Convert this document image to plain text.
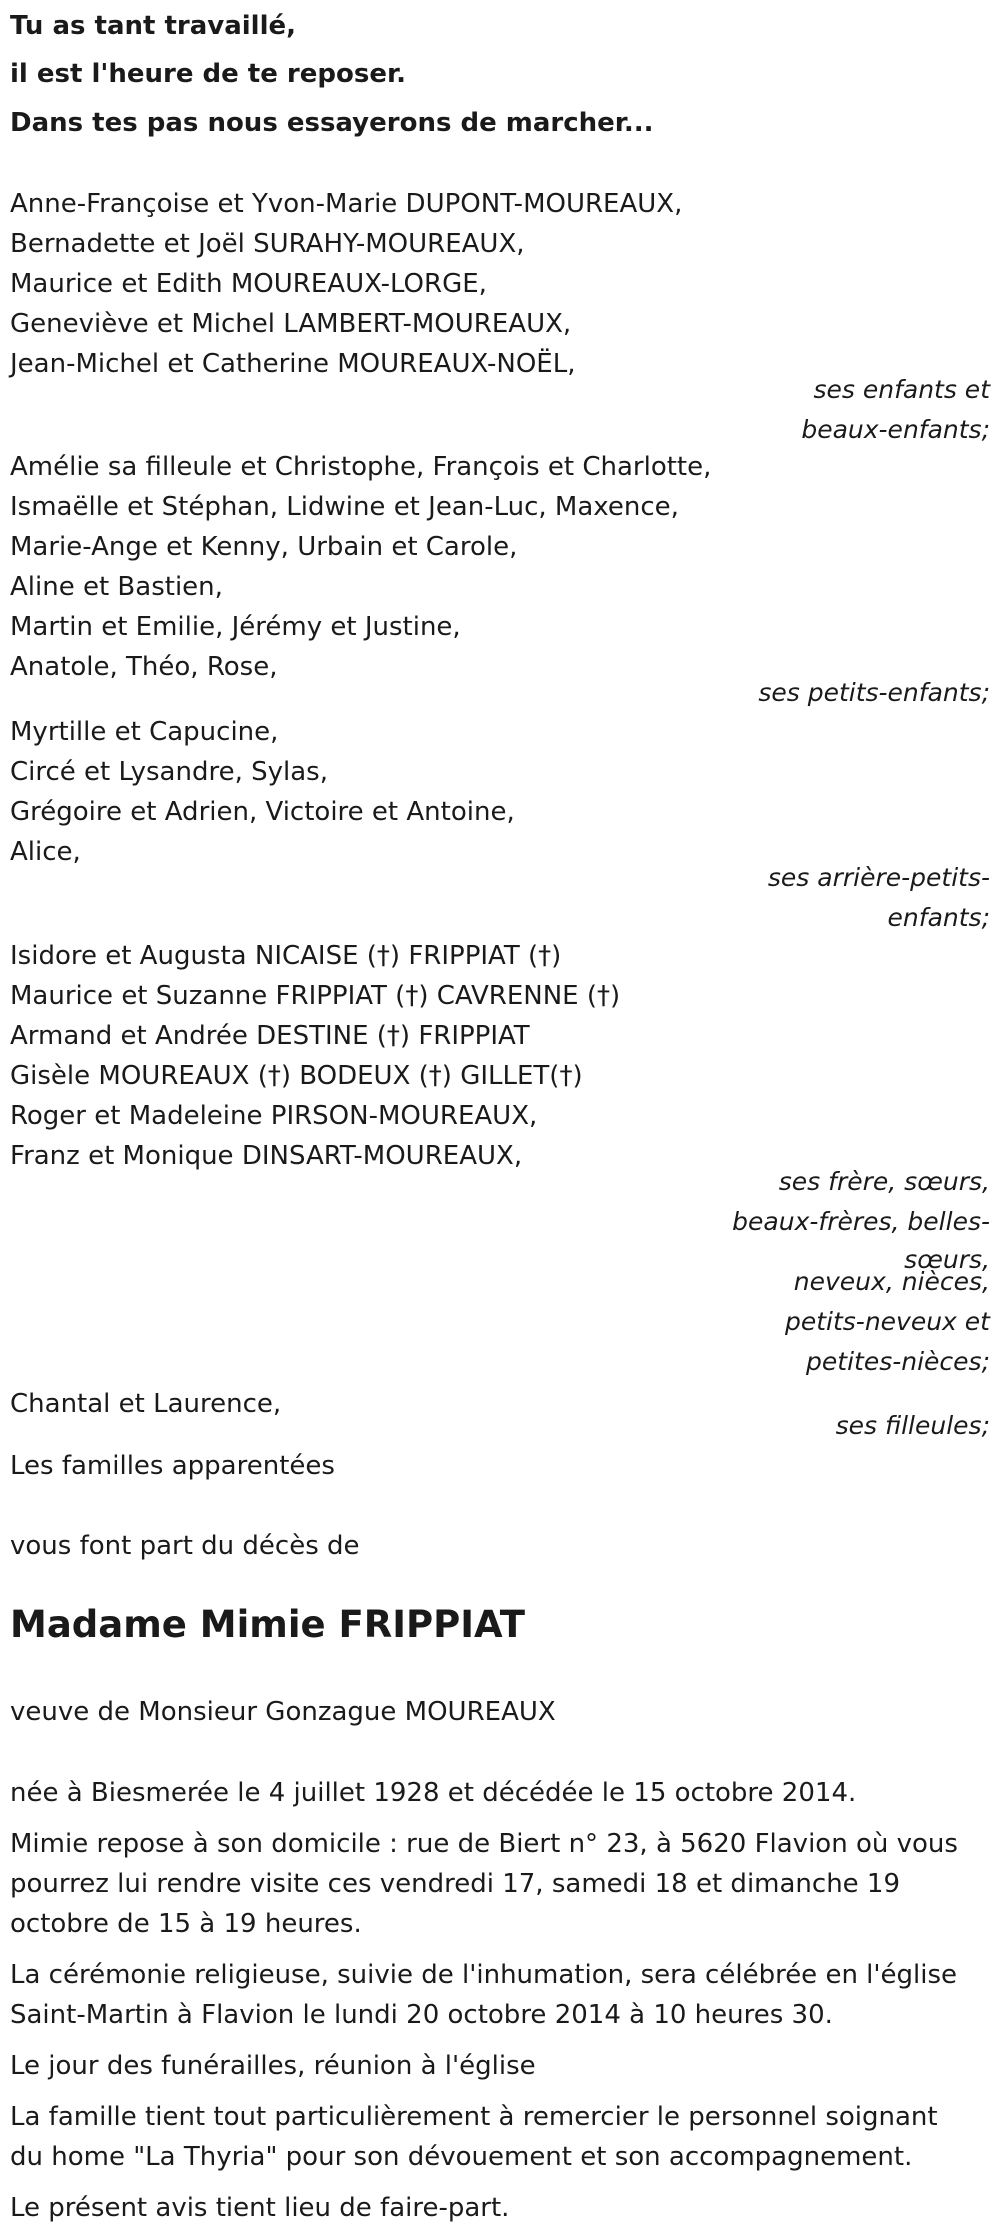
Tu as tant travaillé,
il est l'heure de te reposer.
Dans tes pas nous essayerons de marcher...
Anne-Françoise et Yvon-Marie DUPONT-MOUREAUX,
Bernadette et Joël SURAHY-MOUREAUX,
Maurice et Edith MOUREAUX-LORGE,
Geneviève et Michel LAMBERT-MOUREAUX,
Jean-Michel et Catherine MOUREAUX-NOËL,
ses enfants et
beaux-enfants;
Amélie sa filleule et Christophe, François et Charlotte,
Ismaëlle et Stéphan, Lidwine et Jean-Luc, Maxence,
Marie-Ange et Kenny, Urbain et Carole,
Aline et Bastien,
Martin et Emilie, Jérémy et Justine,
Anatole, Théo, Rose,
ses petits-enfants;
Myrtille et Capucine,
Circé et Lysandre, Sylas,
Grégoire et Adrien, Victoire et Antoine,
Alice,
ses arrière-petits-
enfants;
Isidore et Augusta NICAISE (†) FRIPPIAT (†)
Maurice et Suzanne FRIPPIAT (†) CAVRENNE (†)
Armand et Andrée DESTINE (†) FRIPPIAT
Gisèle MOUREAUX (†) BODEUX (†) GILLET(†)
Roger et Madeleine PIRSON-MOUREAUX,
Franz et Monique DINSART-MOUREAUX,
ses frère, sœurs,
beaux-frères, belles-
sœurs,
neveux, nièces,
petits-neveux et
petites-nièces;
Chantal et Laurence,
ses filleules;
Les familles apparentées
vous font part du décès de
Madame Mimie FRIPPIAT
veuve de Monsieur Gonzague MOUREAUX
née à Biesmerée le 4 juillet 1928 et décédée le 15 octobre 2014.
Mimie repose à son domicile : rue de Biert n° 23, à 5620 Flavion où vous
pourrez lui rendre visite ces vendredi 17, samedi 18 et dimanche 19
octobre de 15 à 19 heures.
La cérémonie religieuse, suivie de l'inhumation, sera célébrée en l'église
Saint-Martin à Flavion le lundi 20 octobre 2014 à 10 heures 30.
Le jour des funérailles, réunion à l'église
La famille tient tout particulièrement à remercier le personnel soignant
du home "La Thyria" pour son dévouement et son accompagnement.
Le présent avis tient lieu de faire-part.
